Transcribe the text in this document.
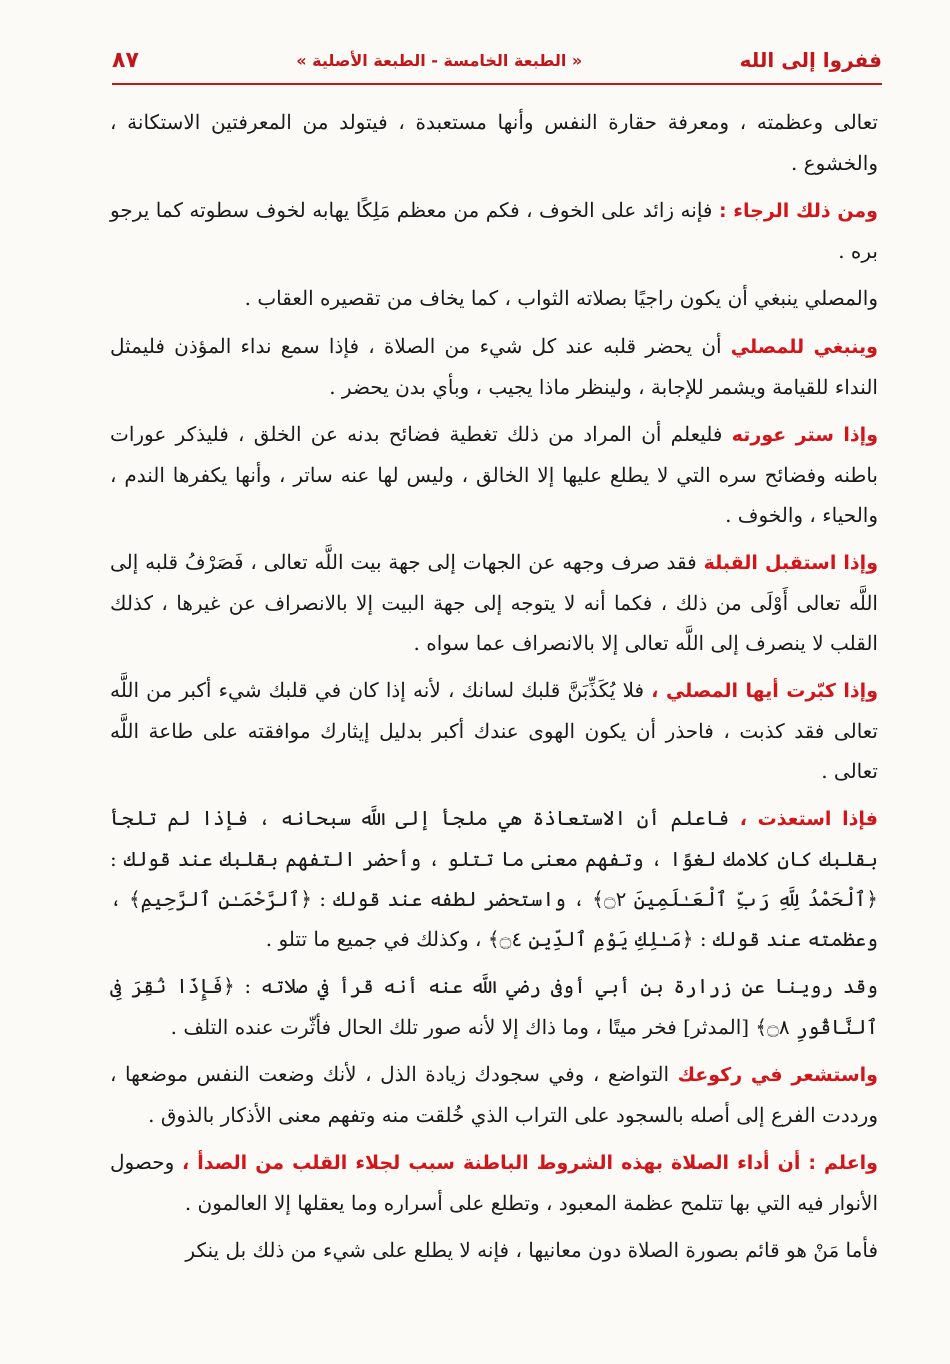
ففروا إلى الله
« الطبعة الخامسة - الطبعة الأصلية »
٨٧

تعالى وعظمته ، ومعرفة حقارة النفس وأنها مستعبدة ، فيتولد من المعرفتين الاستكانة ، والخشوع .

ومن ذلك الرجاء : فإنه زائد على الخوف ، فكم من معظم مَلِكًا يهابه لخوف سطوته كما يرجو بره .

والمصلي ينبغي أن يكون راجيًا بصلاته الثواب ، كما يخاف من تقصيره العقاب .

وينبغي للمصلي أن يحضر قلبه عند كل شيء من الصلاة ، فإذا سمع نداء المؤذن فليمثل النداء للقيامة ويشمر للإجابة ، ولينظر ماذا يجيب ، وبأي بدن يحضر .

وإذا ستر عورته فليعلم أن المراد من ذلك تغطية فضائح بدنه عن الخلق ، فليذكر عورات باطنه وفضائح سره التي لا يطلع عليها إلا الخالق ، وليس لها عنه ساتر ، وأنها يكفرها الندم ، والحياء ، والخوف .

وإذا استقبل القبلة فقد صرف وجهه عن الجهات إلى جهة بيت اللَّه تعالى ، فَصَرْفُ قلبه إلى اللَّه تعالى أَوْلَى من ذلك ، فكما أنه لا يتوجه إلى جهة البيت إلا بالانصراف عن غيرها ، كذلك القلب لا ينصرف إلى اللَّه تعالى إلا بالانصراف عما سواه .

وإذا كبّرت أيها المصلي ، فلا يُكَذِّبَنَّ قلبك لسانك ، لأنه إذا كان في قلبك شيء أكبر من اللَّه تعالى فقد كذبت ، فاحذر أن يكون الهوى عندك أكبر بدليل إيثارك موافقته على طاعة اللَّه تعالى .

فإذا استعذت ، فاعلم أن الاستعاذة هي ملجأ إلى اللَّه سبحانه ، فإذا لم تلجأ بقلبك كان كلامك لغوًا ، وتفهم معنى ما تتلو ، وأحضر التفهم بقلبك عند قولك : ﴿ٱلْحَمْدُ لِلَّهِ رَبِّ ٱلْعَـٰلَمِينَ ۝٢﴾ ، واستحضر لطفه عند قولك : ﴿ٱلرَّحْمَـٰنِ ٱلرَّحِيمِ﴾ ، وعظمته عند قولك : ﴿مَـٰلِكِ يَوْمِ ٱلدِّينِ ۝٤﴾ ، وكذلك في جميع ما تتلو .

وقد روينا عن زرارة بن أبي أوفى رضي اللَّه عنه أنه قرأ في صلاته : ﴿فَإِذَا نُقِرَ فِى ٱلنَّاقُورِ ۝٨﴾ [المدثر] فخر ميتًا ، وما ذاك إلا لأنه صور تلك الحال فأثّرت عنده التلف .

واستشعر في ركوعك التواضع ، وفي سجودك زيادة الذل ، لأنك وضعت النفس موضعها ، ورددت الفرع إلى أصله بالسجود على التراب الذي خُلقت منه وتفهم معنى الأذكار بالذوق .

واعلم : أن أداء الصلاة بهذه الشروط الباطنة سبب لجلاء القلب من الصدأ ، وحصول الأنوار فيه التي بها تتلمح عظمة المعبود ، وتطلع على أسراره وما يعقلها إلا العالمون .

فأما مَنْ هو قائم بصورة الصلاة دون معانيها ، فإنه لا يطلع على شيء من ذلك بل ينكر
